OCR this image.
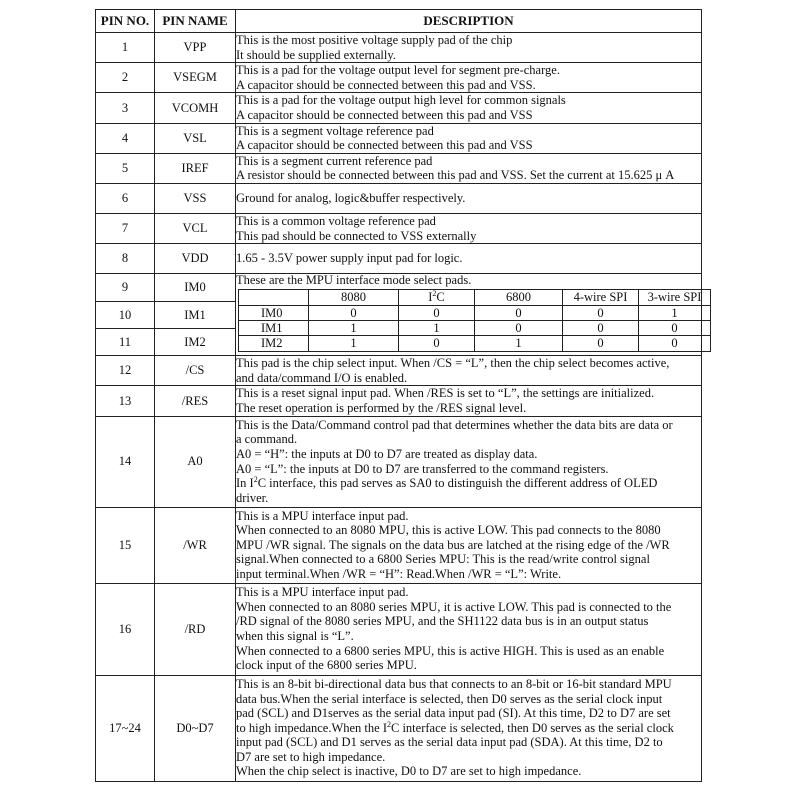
PIN NO.	PIN NAME	DESCRIPTION
1	VPP	
This is the most positive voltage supply pad of the chip
It should be supplied externally.

2	VSEGM	
This is a pad for the voltage output level for segment pre-charge.
A capacitor should be connected between this pad and VSS.

3	VCOMH	
This is a pad for the voltage output high level for common signals
A capacitor should be connected between this pad and VSS

4	VSL	
This is a segment voltage reference pad
A capacitor should be connected between this pad and VSS

5	IREF	
This is a segment current reference pad
A resistor should be connected between this pad and VSS. Set the current at 15.625 μ A

6	VSS	Ground for analog, logic&buffer respectively.

7	VCL	
This is a common voltage reference pad
This pad should be connected to VSS externally

8	VDD	1.65 - 3.5V power supply input pad for logic.

9	IM0	
These are the MPU interface mode select pads.
	8080	$I^2C$	6800	4-wire SPI	3-wire SPI
IM0	0	0	0	0	1
IM1	1	1	0	0	0
IM2	1	0	1	0	0

10	IM1
11	IM2
12	/CS	
This pad is the chip select input. When /CS = “L”, then the chip select becomes active,
and data/command I/O is enabled.

13	/RES	
This is a reset signal input pad. When /RES is set to “L”, the settings are initialized.
The reset operation is performed by the /RES signal level.

14	A0	
This is the Data/Command control pad that determines whether the data bits are data or
a command.
A0 = “H”: the inputs at D0 to D7 are treated as display data.
A0 = “L”: the inputs at D0 to D7 are transferred to the command registers.
In $I^2C$ interface, this pad serves as SA0 to distinguish the different address of OLED
driver.

15	/WR	
This is a MPU interface input pad.
When connected to an 8080 MPU, this is active LOW. This pad connects to the 8080
MPU /WR signal. The signals on the data bus are latched at the rising edge of the /WR
signal.When connected to a 6800 Series MPU: This is the read/write control signal
input terminal.When /WR = “H”: Read.When /WR = “L”: Write.

16	/RD	
This is a MPU interface input pad.
When connected to an 8080 series MPU, it is active LOW. This pad is connected to the
/RD signal of the 8080 series MPU, and the SH1122 data bus is in an output status
when this signal is “L”.
When connected to a 6800 series MPU, this is active HIGH. This is used as an enable
clock input of the 6800 series MPU.

17~24	D0~D7	
This is an 8-bit bi-directional data bus that connects to an 8-bit or 16-bit standard MPU
data bus.When the serial interface is selected, then D0 serves as the serial clock input
pad (SCL) and D1serves as the serial data input pad (SI). At this time, D2 to D7 are set
to high impedance.When the $I^2C$ interface is selected, then D0 serves as the serial clock
input pad (SCL) and D1 serves as the serial data input pad (SDA). At this time, D2 to
D7 are set to high impedance.
When the chip select is inactive, D0 to D7 are set to high impedance.
